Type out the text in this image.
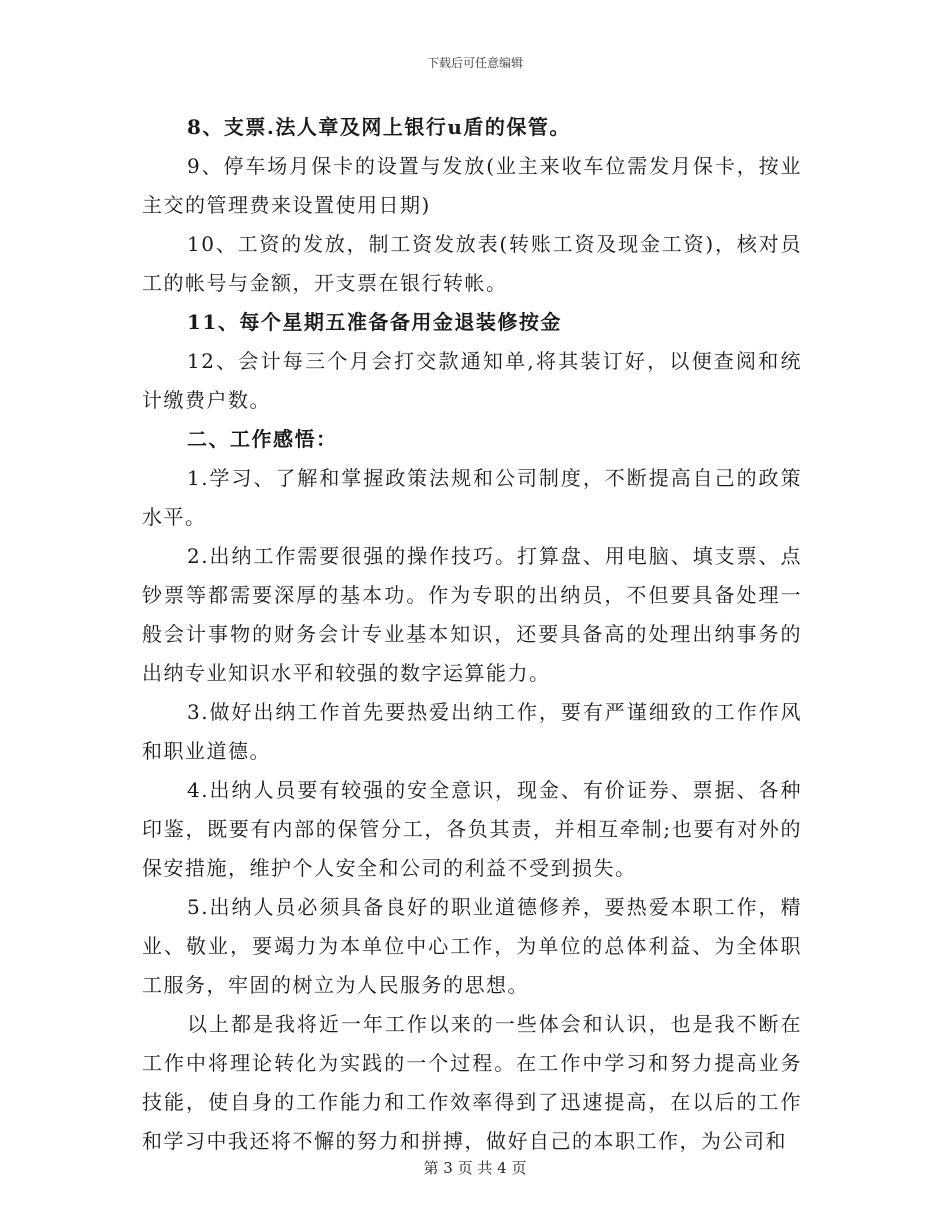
下载后可任意编辑

8、支票.法人章及网上银行u盾的保管。

9、停车场月保卡的设置与发放(业主来收车位需发月保卡，按业主交的管理费来设置使用日期)

10、工资的发放，制工资发放表(转账工资及现金工资)，核对员工的帐号与金额，开支票在银行转帐。

11、每个星期五准备备用金退装修按金

12、会计每三个月会打交款通知单,将其装订好，以便查阅和统计缴费户数。

二、工作感悟：

1.学习、了解和掌握政策法规和公司制度，不断提高自己的政策水平。

2.出纳工作需要很强的操作技巧。打算盘、用电脑、填支票、点钞票等都需要深厚的基本功。作为专职的出纳员，不但要具备处理一般会计事物的财务会计专业基本知识，还要具备高的处理出纳事务的出纳专业知识水平和较强的数字运算能力。

3.做好出纳工作首先要热爱出纳工作，要有严谨细致的工作作风和职业道德。

4.出纳人员要有较强的安全意识，现金、有价证券、票据、各种印鉴，既要有内部的保管分工，各负其责，并相互牵制;也要有对外的保安措施，维护个人安全和公司的利益不受到损失。

5.出纳人员必须具备良好的职业道德修养，要热爱本职工作，精业、敬业，要竭力为本单位中心工作，为单位的总体利益、为全体职工服务，牢固的树立为人民服务的思想。

以上都是我将近一年工作以来的一些体会和认识，也是我不断在工作中将理论转化为实践的一个过程。在工作中学习和努力提高业务技能，使自身的工作能力和工作效率得到了迅速提高，在以后的工作和学习中我还将不懈的努力和拼搏，做好自己的本职工作，为公司和

第 3 页 共 4 页
